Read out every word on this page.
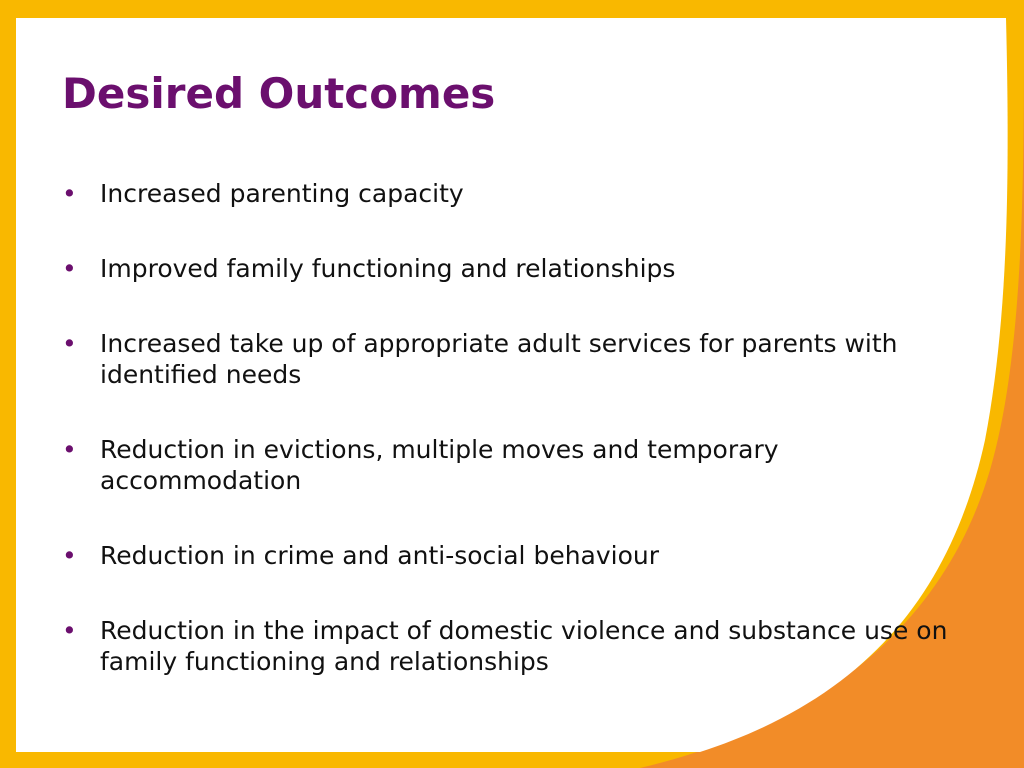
Desired Outcomes
• Increased parenting capacity
• Improved family functioning and relationships
• Increased take up of appropriate adult services for parents with identified needs
• Reduction in evictions, multiple moves and temporary accommodation
• Reduction in crime and anti-social behaviour
• Reduction in the impact of domestic violence and substance use on family functioning and relationships
